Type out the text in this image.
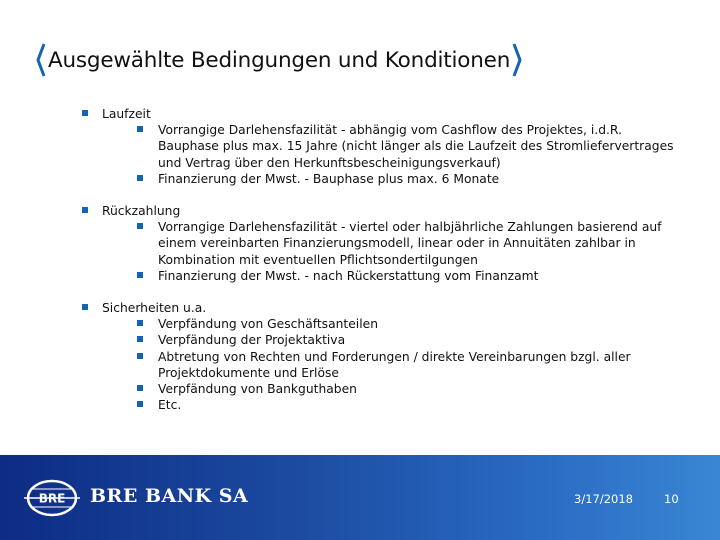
Ausgewählte Bedingungen und Konditionen
Laufzeit
Vorrangige Darlehensfazilität - abhängig vom Cashflow des Projektes, i.d.R. Bauphase plus max. 15 Jahre (nicht länger als die Laufzeit des Stromliefervertrages und Vertrag über den Herkunftsbescheinigungsverkauf)
Finanzierung der Mwst. - Bauphase plus max. 6 Monate
Rückzahlung
Vorrangige Darlehensfazilität - viertel oder halbjährliche Zahlungen basierend auf einem vereinbarten Finanzierungsmodell, linear oder in Annuitäten zahlbar in Kombination mit eventuellen Pflichtsondertilgungen
Finanzierung der Mwst. - nach Rückerstattung vom Finanzamt
Sicherheiten u.a.
Verpfändung von Geschäftsanteilen
Verpfändung der Projektaktiva
Abtretung von Rechten und Forderungen / direkte Vereinbarungen bzgl. aller Projektdokumente und Erlöse
Verpfändung von Bankguthaben
Etc.
BRE BRE BANK SA	3/17/2018	10
